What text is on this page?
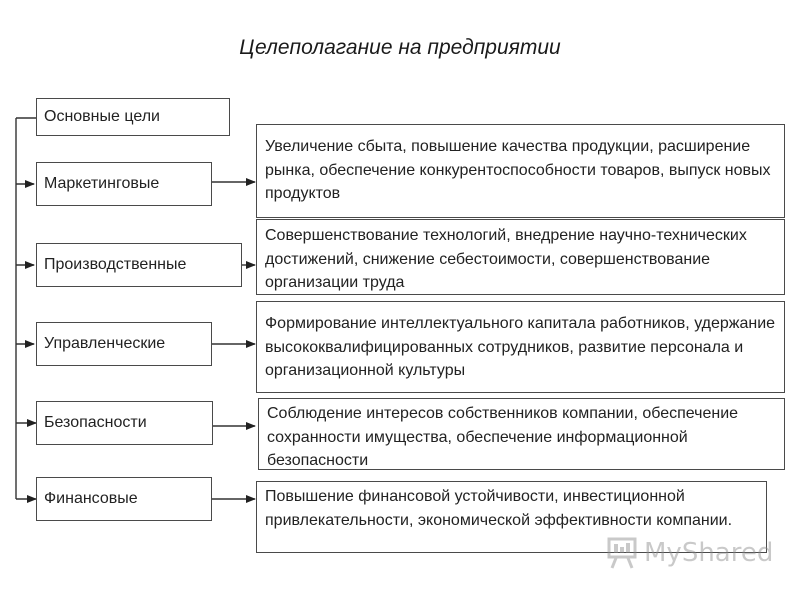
Целеполагание на предприятии
Основные цели
Маркетинговые
Увеличение сбыта, повышение качества продукции, расширение рынка, обеспечение конкурентоспособности товаров, выпуск новых продуктов
Производственные
Совершенствование технологий, внедрение научно-технических достижений, снижение себестоимости, совершенствование организации труда
Управленческие
Формирование интеллектуального капитала работников, удержание высококвалифицированных сотрудников, развитие персонала и организационной культуры
Безопасности
Соблюдение интересов собственников компании, обеспечение сохранности имущества, обеспечение информационной безопасности
Финансовые	Повышение финансовой устойчивости, инвестиционной привлекательности, экономической эффективности компании.
MyShared
